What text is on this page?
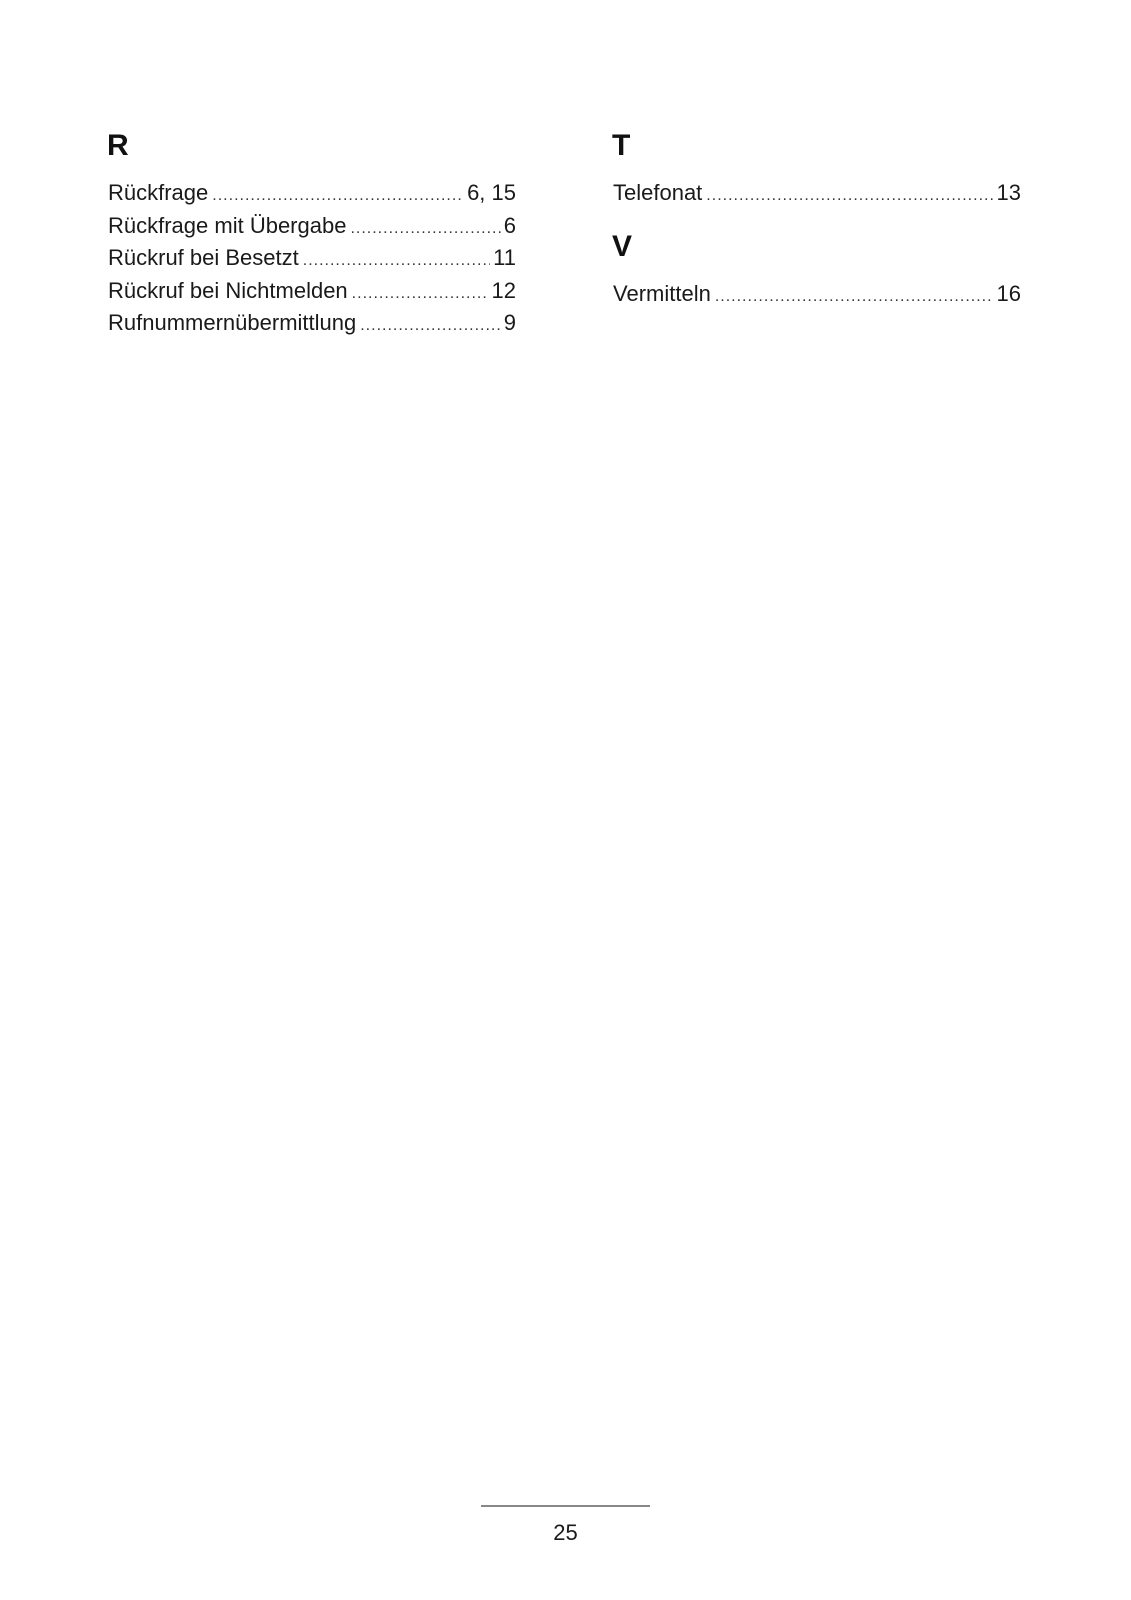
R
Rückfrage .....	6, 15
Rückfrage mit Übergabe .....	6
Rückruf bei Besetzt .....	11
Rückruf bei Nichtmelden .....	12
Rufnummernübermittlung .....	9
T
Telefonat .....	13
V
Vermitteln .....	16
25
